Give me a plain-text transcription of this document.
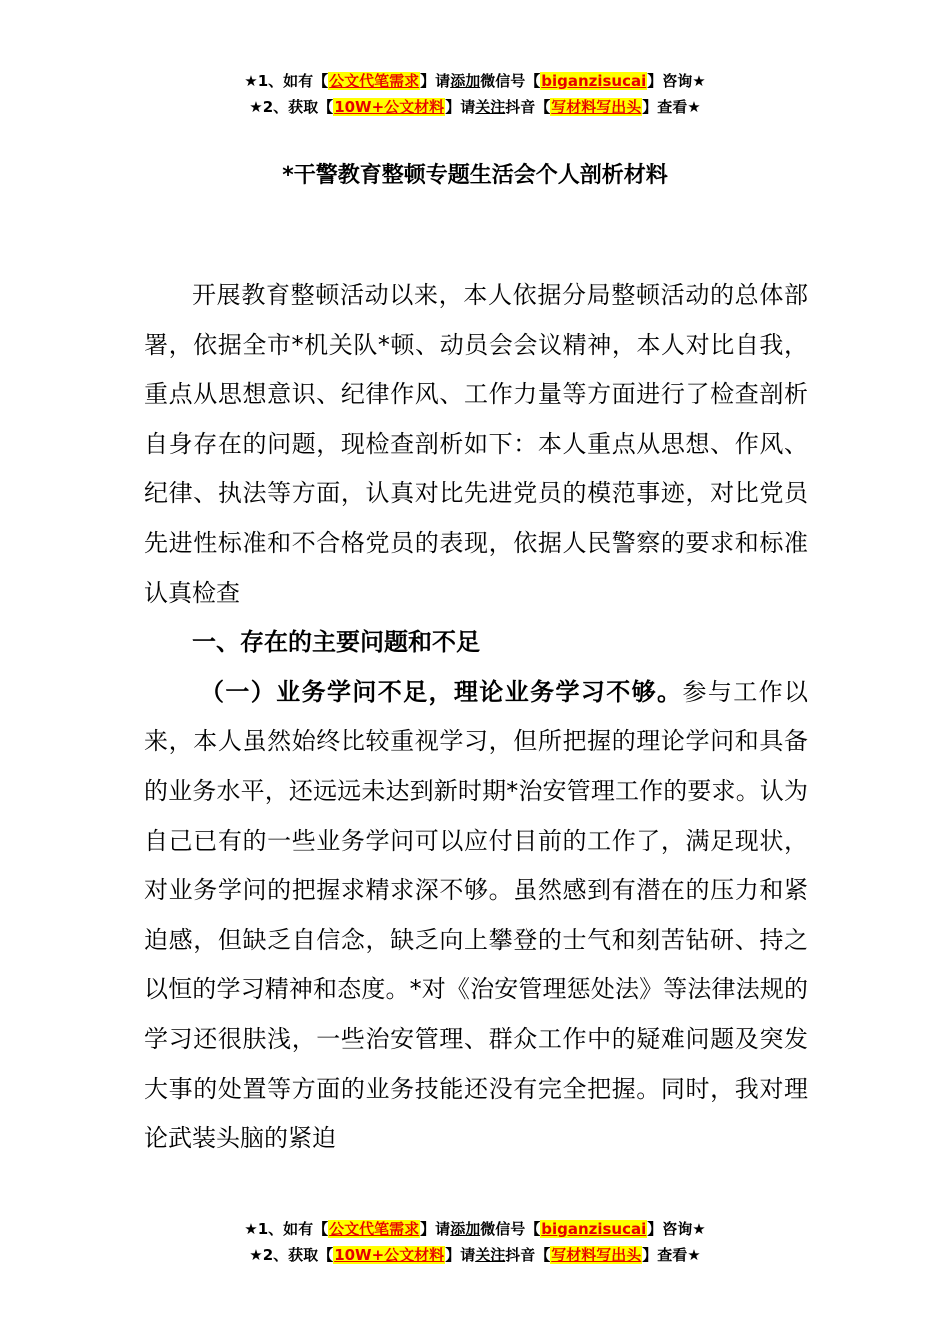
★1、如有【公文代笔需求】请添加微信号【biganzisucai】咨询★
★2、获取【10W+公文材料】请关注抖音【写材料写出头】查看★
*干警教育整顿专题生活会个人剖析材料

开展教育整顿活动以来，本人依据分局整顿活动的总体部署，依据全市*机关队*顿、动员会会议精神，本人对比自我，重点从思想意识、纪律作风、工作力量等方面进行了检查剖析自身存在的问题，现检查剖析如下：本人重点从思想、作风、纪律、执法等方面，认真对比先进党员的模范事迹，对比党员先进性标准和不合格党员的表现，依据人民警察的要求和标准认真检查

一、存在的主要问题和不足

（一）业务学问不足，理论业务学习不够。参与工作以来，本人虽然始终比较重视学习，但所把握的理论学问和具备的业务水平，还远远未达到新时期*治安管理工作的要求。认为自己已有的一些业务学问可以应付目前的工作了，满足现状，对业务学问的把握求精求深不够。虽然感到有潜在的压力和紧迫感，但缺乏自信念，缺乏向上攀登的士气和刻苦钻研、持之以恒的学习精神和态度。*对《治安管理惩处法》等法律法规的学习还很肤浅，一些治安管理、群众工作中的疑难问题及突发大事的处置等方面的业务技能还没有完全把握。同时，我对理论武装头脑的紧迫

★1、如有【公文代笔需求】请添加微信号【biganzisucai】咨询★
★2、获取【10W+公文材料】请关注抖音【写材料写出头】查看★
